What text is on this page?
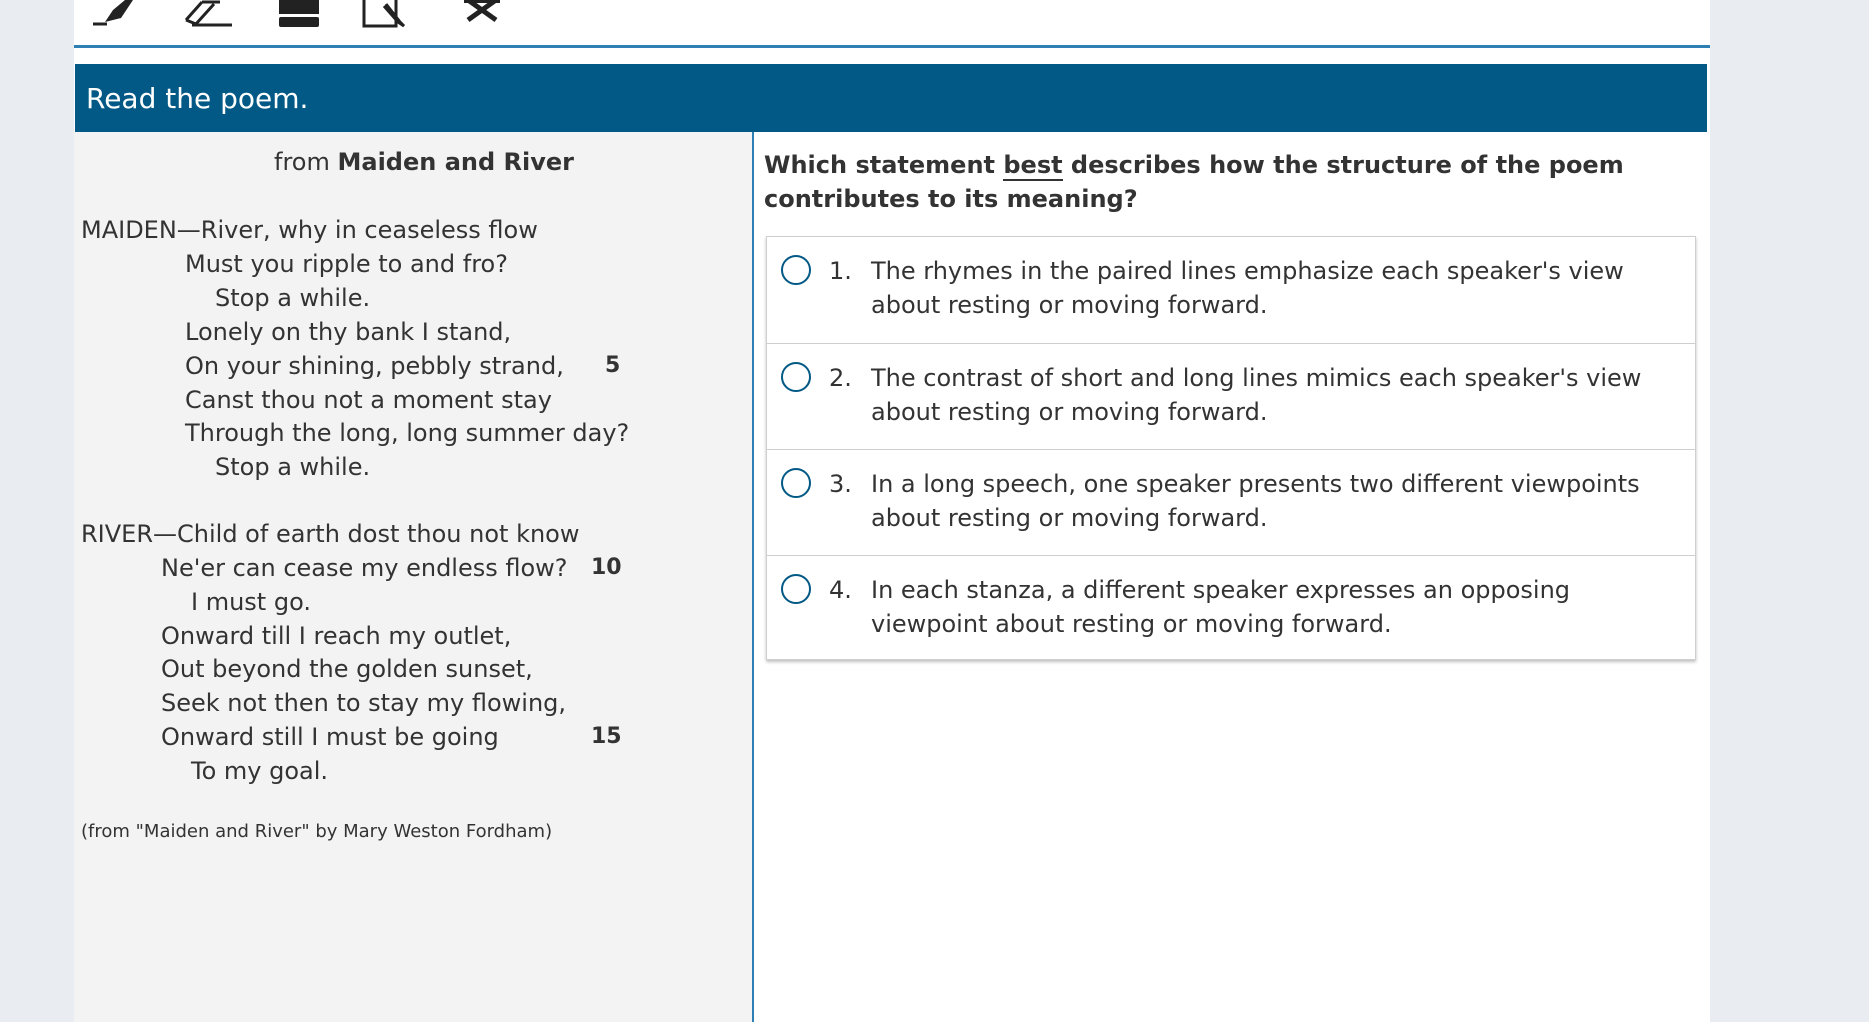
Read the poem.
from Maiden and River
MAIDEN—River, why in ceaseless flow
Must you ripple to and fro?
Stop a while.
Lonely on thy bank I stand,
On your shining, pebbly strand, 5
Canst thou not a moment stay
Through the long, long summer day?
Stop a while.
RIVER—Child of earth dost thou not know
Ne'er can cease my endless flow? 10
I must go.
Onward till I reach my outlet,
Out beyond the golden sunset,
Seek not then to stay my flowing,
Onward still I must be going	15
To my goal.
(from "Maiden and River" by Mary Weston Fordham)
Which statement best describes how the structure of the poem contributes to its meaning?
1. The rhymes in the paired lines emphasize each speaker's view about resting or moving forward.
2. The contrast of short and long lines mimics each speaker's view about resting or moving forward.
3. In a long speech, one speaker presents two different viewpoints about resting or moving forward.
4. In each stanza, a different speaker expresses an opposing viewpoint about resting or moving forward.
